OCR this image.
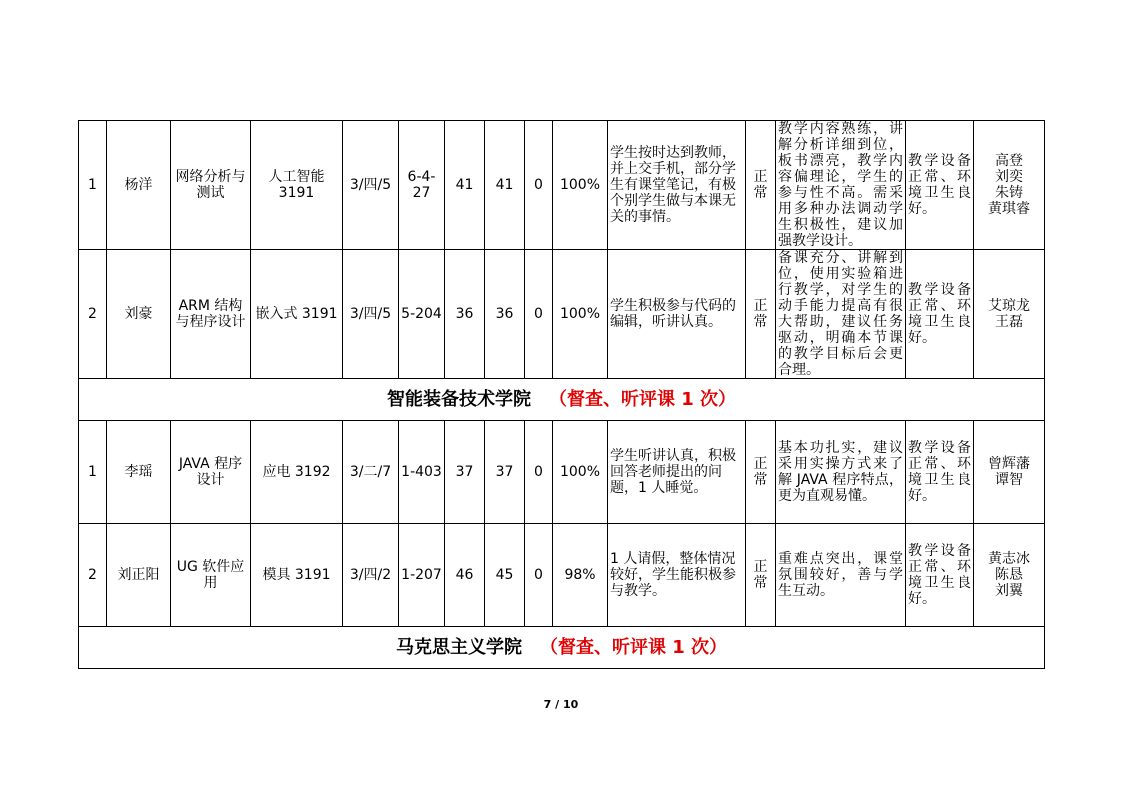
1	杨洋	网络分析与测试	人工智能3191	3/四/5	6-4-27	41	41	0	100%	学生按时达到教师，并上交手机，部分学生有课堂笔记，有极个别学生做与本课无关的事情。	正常	教学内容熟练，讲解分析详细到位，板书漂亮，教学内容偏理论，学生的参与性不高。需采用多种办法调动学生积极性，建议加强教学设计。	教学设备正常、环境卫生良好。	高登
刘奕
朱铸
黄琪睿
2	刘豪	ARM 结构与程序设计	嵌入式 3191	3/四/5	5-204	36	36	0	100%	学生积极参与代码的编辑，听讲认真。	正常	备课充分、讲解到位，使用实验箱进行教学，对学生的动手能力提高有很大帮助，建议任务驱动，明确本节课的教学目标后会更合理。	教学设备正常、环境卫生良好。	艾琼龙
王磊
智能装备技术学院 （督查、听评课 1 次）														
1	李瑶	JAVA 程序设计	应电 3192	3/二/7	1-403	37	37	0	100%	学生听讲认真，积极回答老师提出的问题，1 人睡觉。	正常	基本功扎实，建议采用实操方式来了解 JAVA 程序特点，更为直观易懂。	教学设备正常、环境卫生良好。	曾辉藩
谭智
2	刘正阳	UG 软件应用	模具 3191	3/四/2	1-207	46	45	0	98%	1 人请假，整体情况较好，学生能积极参与教学。	正常	重难点突出，课堂氛围较好，善与学生互动。	教学设备正常、环境卫生良好。	黄志冰
陈恳
刘翼
马克思主义学院 （督查、听评课 1 次）														
7 / 10
